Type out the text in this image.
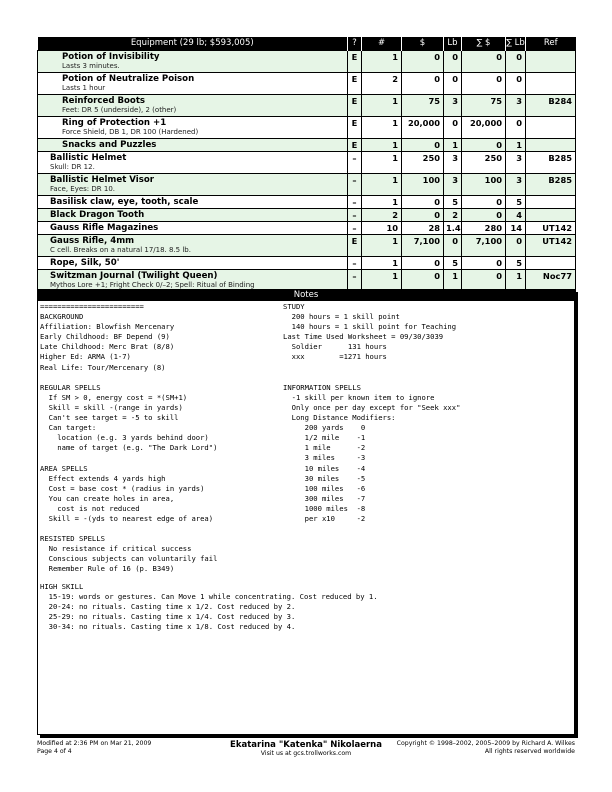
Equipment (29 lb; $593,005)	?	#	$	Lb	∑ $	∑ Lb	Ref

Potion of Invisibility
Lasts 3 minutes.	E	1	0	0	0	0	

Potion of Neutralize Poison
Lasts 1 hour	E	2	0	0	0	0	

Reinforced Boots
Feet: DR 5 (underside), 2 (other)	E	1	75	3	75	3	B284

Ring of Protection +1
Force Shield, DB 1, DR 100 (Hardened)	E	1	20,000	0	20,000	0	

Snacks and Puzzles	E	1	0	1	0	1	

Ballistic Helmet
Skull: DR 12.	–	1	250	3	250	3	B285

Ballistic Helmet Visor
Face, Eyes: DR 10.	–	1	100	3	100	3	B285

Basilisk claw, eye, tooth, scale	–	1	0	5	0	5	

Black Dragon Tooth	–	2	0	2	0	4	

Gauss Rifle Magazines	–	10	28	1.4	280	14	UT142

Gauss Rifle, 4mm
C cell. Breaks on a natural 17/18. 8.5 lb.	E	1	7,100	0	7,100	0	UT142

Rope, Silk, 50'	–	1	0	5	0	5	

Switzman Journal (Twilight Queen)
Mythos Lore +1; Fright Check 0/–2; Spell: Ritual of Binding	–	1	0	1	0	1	Noc77
Notes
========================
BACKGROUND
Affiliation: Blowfish Mercenary
Early Childhood: BF Depend (9)
Late Childhood: Merc Brat (8/8)
Higher Ed: ARMA (1-7)
Real Life: Tour/Mercenary (8)
REGULAR SPELLS
If SM > 0, energy cost = *(SM+1)
Skill = skill -(range in yards)
Can't see target = -5 to skill
Can target:
location (e.g. 3 yards behind door)
name of target (e.g. "The Dark Lord")
AREA SPELLS
Effect extends 4 yards high
Cost = base cost * (radius in yards)
You can create holes in area,
cost is not reduced
Skill = -(yds to nearest edge of area)
RESISTED SPELLS
No resistance if critical success
Conscious subjects can voluntarily fail
Remember Rule of 16 (p. B349)
STUDY
200 hours = 1 skill point
140 hours = 1 skill point for Teaching
Last Time Used Worksheet = 09/30/3039
Soldier      131 hours
xxx        =1271 hours
INFORMATION SPELLS
-1 skill per known item to ignore
Only once per day except for "Seek xxx"
Long Distance Modifiers:
200 yards    0
1/2 mile    -1
1 mile      -2
3 miles     -3
10 miles    -4
30 miles    -5
100 miles   -6
300 miles   -7
1000 miles  -8
per x10     -2
HIGH SKILL
15-19: words or gestures. Can Move 1 while concentrating. Cost reduced by 1.
20-24: no rituals. Casting time x 1/2. Cost reduced by 2.
25-29: no rituals. Casting time x 1/4. Cost reduced by 3.
30-34: no rituals. Casting time x 1/8. Cost reduced by 4.
Modified at 2:36 PM on Mar 21, 2009
Page 4 of 4
Ekatarina "Katenka" Nikolaerna
Visit us at gcs.trollworks.com
Copyright © 1998–2002, 2005–2009 by Richard A. Wilkes
All rights reserved worldwide
